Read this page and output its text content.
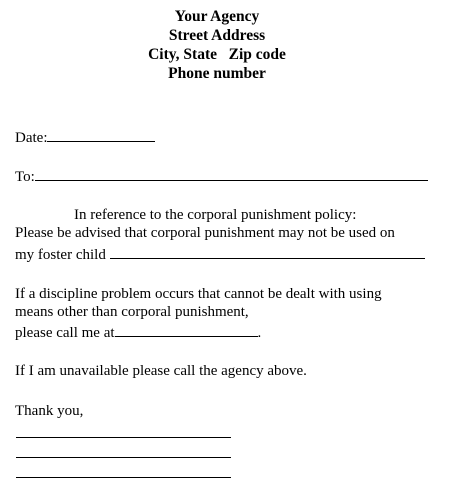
Your Agency
Street Address
City, State   Zip code
Phone number
Date:
To:
In reference to the corporal punishment policy:
Please be advised that corporal punishment may not be used on
my foster child
If a discipline problem occurs that cannot be dealt with using
means other than corporal punishment,
please call me at	.
If I am unavailable please call the agency above.
Thank you,
